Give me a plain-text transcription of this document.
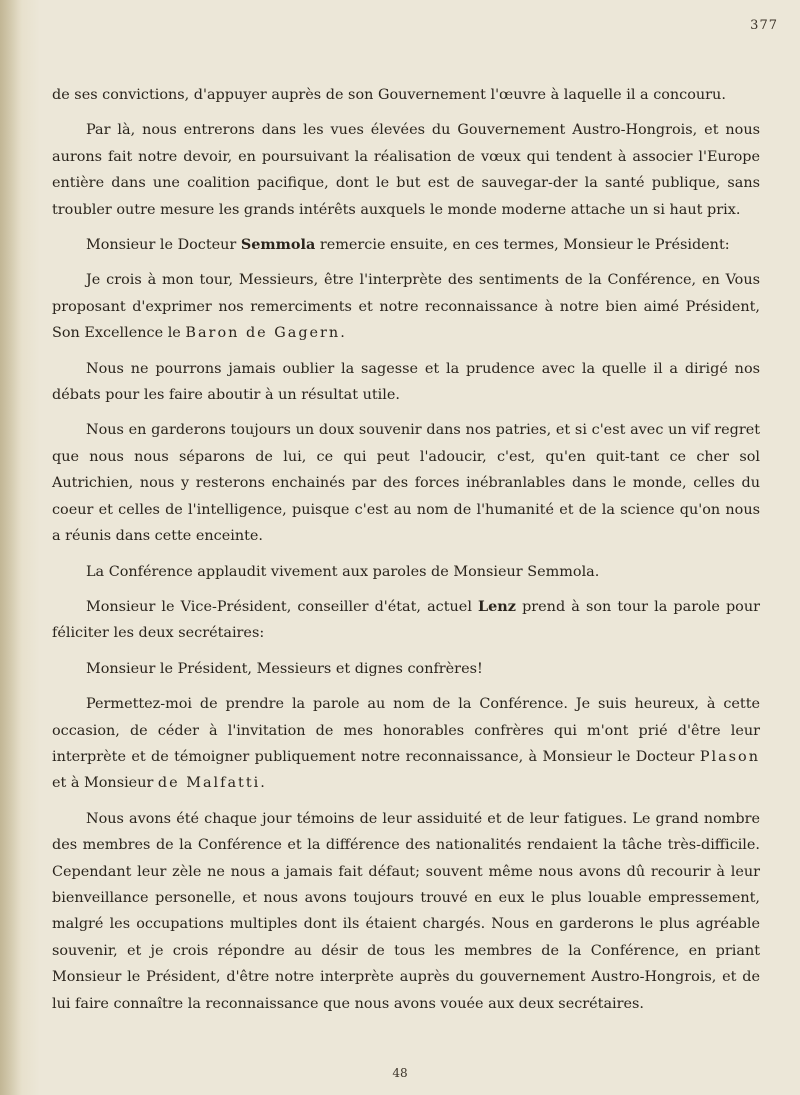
377

de ses convictions, d'appuyer auprès de son Gouvernement l'œuvre à laquelle il a concouru.

Par là, nous entrerons dans les vues élevées du Gouvernement Austro-Hongrois, et nous aurons fait notre devoir, en poursuivant la réalisation de vœux qui tendent à associer l'Europe entière dans une coalition pacifique, dont le but est de sauvegar-der la santé publique, sans troubler outre mesure les grands intérêts auxquels le monde moderne attache un si haut prix.

Monsieur le Docteur Semmola remercie ensuite, en ces termes, Monsieur le Président:

Je crois à mon tour, Messieurs, être l'interprète des sentiments de la Conférence, en Vous proposant d'exprimer nos remerciments et notre reconnaissance à notre bien aimé Président, Son Excellence le Baron de Gagern.

Nous ne pourrons jamais oublier la sagesse et la prudence avec la quelle il a dirigé nos débats pour les faire aboutir à un résultat utile.

Nous en garderons toujours un doux souvenir dans nos patries, et si c'est avec un vif regret que nous nous séparons de lui, ce qui peut l'adoucir, c'est, qu'en quit-tant ce cher sol Autrichien, nous y resterons enchainés par des forces inébranlables dans le monde, celles du coeur et celles de l'intelligence, puisque c'est au nom de l'humanité et de la science qu'on nous a réunis dans cette enceinte.

La Conférence applaudit vivement aux paroles de Monsieur Semmola.

Monsieur le Vice-Président, conseiller d'état, actuel Lenz prend à son tour la parole pour féliciter les deux secrétaires:

Monsieur le Président, Messieurs et dignes confrères!

Permettez-moi de prendre la parole au nom de la Conférence. Je suis heureux, à cette occasion, de céder à l'invitation de mes honorables confrères qui m'ont prié d'être leur interprète et de témoigner publiquement notre reconnaissance, à Monsieur le Docteur Plason et à Monsieur de Malfatti.

Nous avons été chaque jour témoins de leur assiduité et de leur fatigues. Le grand nombre des membres de la Conférence et la différence des nationalités rendaient la tâche très-difficile. Cependant leur zèle ne nous a jamais fait défaut; souvent même nous avons dû recourir à leur bienveillance personelle, et nous avons toujours trouvé en eux le plus louable empressement, malgré les occupations multiples dont ils étaient chargés. Nous en garderons le plus agréable souvenir, et je crois répondre au désir de tous les membres de la Conférence, en priant Monsieur le Président, d'être notre interprète auprès du gouvernement Austro-Hongrois, et de lui faire connaître la reconnaissance que nous avons vouée aux deux secrétaires.

48
